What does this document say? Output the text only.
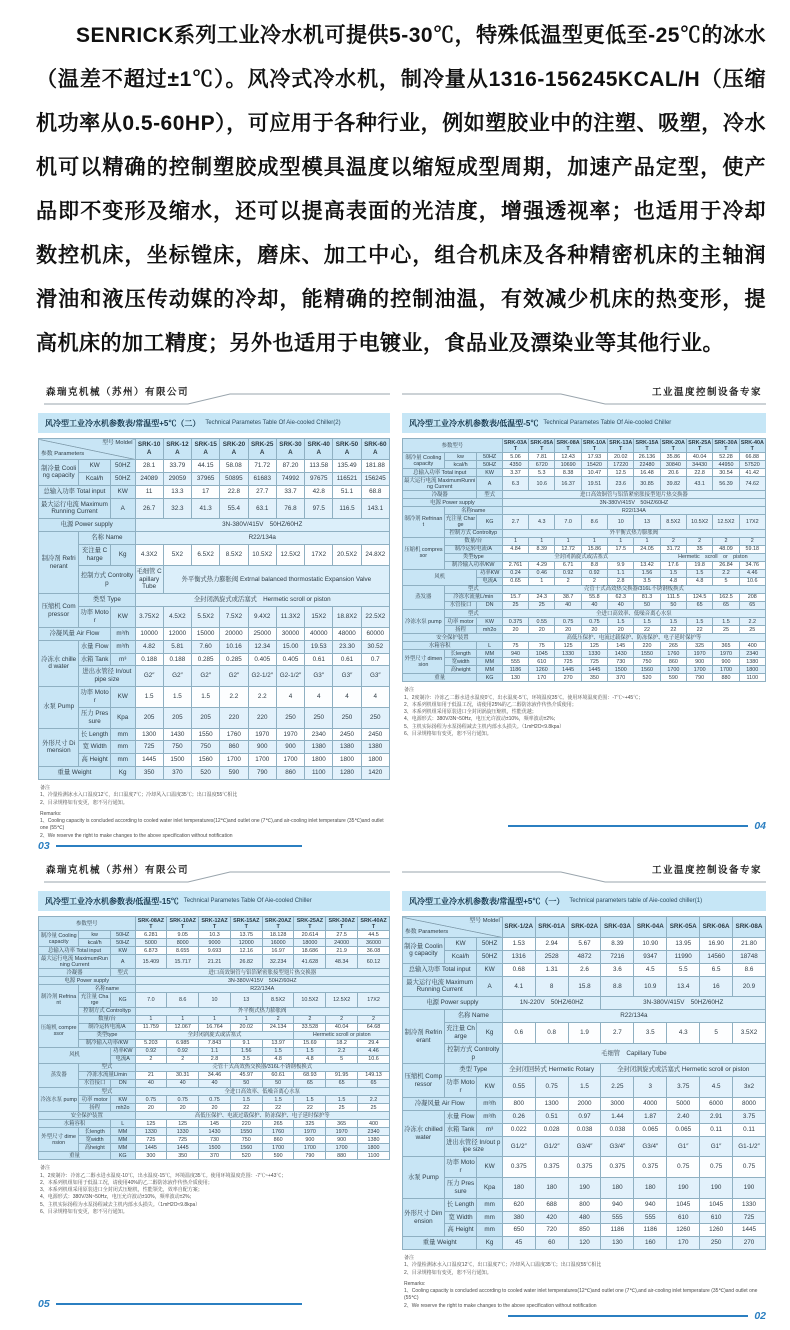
SENRICK系列工业冷水机可提供5-30℃，特殊低温型更低至-25℃的冰水（温差不超过±1℃）。风冷式冷水机，制冷量从1316-156245KCAL/H（压缩机功率从0.5-60HP），可应用于各种行业，例如塑胶业中的注塑、吸塑，冷水机可以精确的控制塑胶成型模具温度以缩短成型周期，加速产品定型，使产品即不变形及缩水，还可以提高表面的光洁度，增强透视率；也适用于冷却数控机床，坐标镗床，磨床、加工中心，组合机床及各种精密机床的主轴润滑油和液压传动媒的冷却，能精确的控制油温，有效减少机床的热变形，提高机床的加工精度；另外也适用于电镀业，食品业及漂染业等其他行业。

森瑞克机械（苏州）有限公司
风冷型工业冷水机参数表/常温型+5℃（二） Technical Parametes Table Of Aie-cooled Chiller(2)
参数 Parameters
型号 Moldel			SRK-10A	SRK-12A	SRK-15A	SRK-20A	SRK-25A	SRK-30A	SRK-40A	SRK-50A	SRK-60A
制冷量 Cooling capacity	KW	50HZ	28.1	33.79	44.15	58.08	71.72	87.20	113.58	135.49	181.88
	Kcal/h	50HZ	24089	29059	37965	50895	61683	74992	97675	116521	156245
总输入功率 Total input		KW	11	13.3	17	22.8	27.7	33.7	42.8	51.1	68.8
最大运行电流 Maximum Running Current		A	26.7	32.3	41.3	55.4	63.1	76.8	97.5	116.5	143.1
电源 Power supply			3N-380V/415V　50HZ/60HZ								
制冷剂 Refrinerant	名称 Name		R22/134a								
	充注量 Charge	Kg	4.3X2	5X2	6.5X2	8.5X2	10.5X2	12.5X2	17X2	20.5X2	24.8X2
	控制方式 Controltyp		毛细管 Capillary Tube	外平衡式热力膨胀阀 Extrnal balanced thormostatic Expansion Valve							
压缩机 Compressor	类型 Type		全封闭涡旋式或活塞式　Hermetic scroll or piston								
	功率 Motor	KW	3.75X2	4.5X2	5.5X2	7.5X2	9.4X2	11.3X2	15X2	18.8X2	22.5X2
冷凝风量 Air Flow		m³/h	10000	12000	15000	20000	25000	30000	40000	48000	60000
冷冻水 chilled water	水量 Flow	m³/h	4.82	5.81	7.60	10.16	12.34	15.00	19.53	23.30	30.52
	水箱 Tank	m³	0.188	0.188	0.285	0.285	0.405	0.405	0.61	0.61	0.7
	进出水管径 In/out pipe size		G2″	G2″	G2″	G2″	G2-1/2″	G2-1/2″	G3″	G3″	G3″
水泵 Pump	功率 Motor	KW	1.5	1.5	1.5	2.2	2.2	4	4	4	4
	压力 Pressure	Kpa	205	205	205	220	220	250	250	250	250
外形尺寸 Dimension	长 Length	mm	1300	1430	1550	1760	1970	1970	2340	2450	2450
	宽 Width	mm	725	750	750	860	900	900	1380	1380	1380
	高 Height	mm	1445	1500	1560	1700	1700	1700	1800	1800	1800
重量 Weight		Kg	350	370	520	590	790	860	1100	1280	1420
备注
1、冷量检测冰水入口温度12℃，出口温度7℃；冷却风入口温度35℃；出口温度55℃相比
2、目录规格如有变更，恕不另行通知。
Remarks:
1、Cooling capacity is concluded according to cooled water inlet temperatures(12℃)and outlet one (7℃),and air-cooling inlet temperature (35℃)and outlet one (55℃)
2、We reserve the right to make changes to the above specification without notification
03
工业温度控制设备专家
风冷型工业冷水机参数表/低温型-5℃ Technical Parametes Table Of Aie-cooled Chiller
参数型号			SRK-03AT	SRK-05AT	SRK-08AT	SRK-10AT	SRK-13AT	SRK-15AT	SRK-20AT	SRK-25AT	SRK-30AT	SRK-40AT
制冷量 Cooling capacity	kw	50HZ	5.06	7.81	12.43	17.93	20.02	26.136	35.86	40.04	52.28	66.88
	kcal/h	50HZ	4350	6720	10690	15420	17220	22480	30840	34430	44950	57520
总输入功率 Total input		KW	3.37	5.3	8.38	10.47	12.5	16.48	20.6	22.8	30.54	41.42
最大运行电流 MaximumRunning Current		A	6.3	10.6	16.37	19.51	23.6	30.85	39.82	43.1	56.39	74.62
冷凝器		型式	进口高效铜管与铝箔紧密胀接型翅片热交换器									
电源 Power supply			3N-380V/415V　50HZ/60HZ									
制冷剂 Refrinant	名称name		R22/134A									
	充注量 Charge	KG	2.7	4.3	7.0	8.6	10	13	8.5X2	10.5X2	12.5X2	17X2
	控制方式 Controltyp		外平衡式热力膨胀阀									
压缩机 compressor	数量/台		1	1	1	1	1	1	2	2	2	2
	制冷运转电流/A		4.84	8.39	12.72	15.86	17.5	24.05	31.72	35	48.09	59.18
	类型type		全封闭涡旋式或活塞式						Hermetic　scroll　or　piston			
	制冷输入功率/KW		2.761	4.29	6.71	8.8	9.9	13.42	17.6	19.8	26.84	34.76
风机		功率KW	0.24	0.46	0.92	0.92	1.1	1.56	1.5	1.5	2.2	4.46
		电流A	0.65	1	2	2	2.8	3.5	4.8	4.8	5	10.6
蒸发器	型式		壳管干式高效热交换器/316L不锈钢板换式									
	冷冻水流量L/min		15.7	24.3	38.7	55.8	62.3	81.3	111.5	124.5	162.5	208
	水管接口	DN	25	25	40	40	40	50	50	65	65	65
冷冻水泵 pump	型式		全进口高效率、低噪音离心水泵									
	功率 motor	KW	0.375	0.55	0.75	0.75	1.5	1.5	1.5	1.5	1.5	2.2
	扬程	mh2o	20	20	20	20	20	22	22	22	25	25
安全保护装置			高低压保护、电流过载保护、防冻保护、电子延时保护等									
水箱容积		L	75	75	125	125	145	220	265	325	365	400
外型尺寸 dimension	长length	MM	940	1045	1330	1330	1430	1550	1760	1970	1970	2340
	宽width	MM	555	610	725	725	730	750	860	900	900	1380
	高height	MM	1186	1260	1445	1445	1500	1560	1700	1700	1700	1800
重量		KG	130	170	270	350	370	520	590	790	880	1100
备注
1、2度制冷：冷冻乙二醇水进水温度0℃，出水温度-5℃，环境温度35℃。使用环境温度范围：-7℃~+45℃；
2、本系列机组如用于低温工况，请使用25%的乙二醇防冻液作传热介质使用；
3、本系列机组采用原装进口全封闭涡旋压缩机，性能优越；
4、电源形式：380V/3N~50Hz，电压允许波动±10%，频率波动±2%；
5、主机实际扬程为水泵扬程减去主机内部水头损失。（1mH2O≈9.8kpa）
6、目录规格如有变更，恕不另行通知。
04
森瑞克机械（苏州）有限公司
风冷型工业冷水机参数表/低温型-15℃ Technical Parametes Table Of Aie-cooled Chiller
参数型号			SRK-08AZT	SRK-10AZT	SRK-12AZT	SRK-15AZT	SRK-20AZT	SRK-25AZT	SRK-30AZT	SRK-40AZT
制冷量 Cooling capacity	kw	50HZ	6.281	9.05	10.3	13.75	18.128	20.614	27.5	44.5
	kcal/h	50HZ	5000	8000	9000	12000	16000	18000	24000	36000
总输入功率 Total input		KW	6.873	8.655	9.693	12.16	16.97	18.686	21.9	36.08
最大运行电流 MaximumRunning Current		A	15.409	15.717	21.21	26.82	32.234	41.628	48.34	60.12
冷凝器		型式	进口高效铜管与铝箔紧密胀接型翅片热交换器							
电源 Power supply			3N-380V/415V　50HZ/60HZ							
制冷剂 Refrinant	名称name		R22/134A							
	充注量 Charge	KG	7.0	8.6	10	13	8.5X2	10.5X2	12.5X2	17X2
	控制方式 Controltyp		外平衡式热力膨胀阀							
压缩机 compressor	数量/台		1	1	1	1	2	2	2	2
	制冷运转电流/A		11.759	12.067	16.764	20.02	24.134	33.528	40.04	64.68
	类型type		全封闭涡旋式或活塞式					Hermetic scroll or piston		
	制冷输入功率/KW		5.203	6.985	7.843	9.1	13.97	15.69	18.2	29.4
风机		功率KW	0.92	0.92	1.1	1.56	1.5	1.5	2.2	4.46
		电流A	2	2	2.8	3.5	4.8	4.8	5	10.6
蒸发器	型式		壳管干式高效热交换器/316L不锈钢板换式							
	冷冻水流量L/min		21	30.31	34.46	45.97	60.61	68.93	91.95	149.13
	水管接口	DN	40	40	40	50	50	65	65	65
冷冻水泵 pump	型式		全进口高效率、低噪音离心水泵							
	功率 motor	KW	0.75	0.75	0.75	1.5	1.5	1.5	1.5	2.2
	扬程	mh2o	20	20	20	22	22	22	25	25
安全保护装置			高低压保护、电流过载保护、防冻保护、电子延时保护等							
水箱容积		L	125	125	145	220	265	325	365	400
外型尺寸 dimension	长length	MM	1330	1330	1430	1550	1760	1970	1970	2340
	宽width	MM	725	725	730	750	860	900	900	1380
	高height	MM	1445	1445	1500	1560	1700	1700	1700	1800
重量		KG	300	350	370	520	590	790	880	1100
备注
1、2度制冷：冷冻乙二醇水进水温度-10℃，出水温度-15℃，环境温度35℃。使用环境温度范围：-7℃~+43℃；
2、本系列机组如用于低温工况，请使用40%的乙二醇防冻液作传热介质使用；
3、本系列机组采用原装进口全封闭式压缩机，性能领先，效率自配方案；
4、电源形式：380V/3N~50Hz，电压允许波动±10%，频率波动±2%；
5、主机实际扬程为水泵扬程减去主机内部水头损失。（1mH2O≈9.8kpa）
6、目录规格如有变更，恕不另行通知。
05
工业温度控制设备专家
风冷型工业冷水机参数表/常温型+5℃（一） Technical parameters table of Aie-cooled chiller(1)
参数 Parameters
型号 Moldel			SRK-1/2A	SRK-01A	SRK-02A	SRK-03A	SRK-04A	SRK-05A	SRK-06A	SRK-08A
制冷量 Cooling capacity	KW	50HZ	1.53	2.94	5.67	8.39	10.90	13.95	16.90	21.80
	Kcal/h	50HZ	1316	2528	4872	7216	9347	11990	14560	18748
总输入功率 Total input		KW	0.68	1.31	2.6	3.6	4.5	5.5	6.5	8.6
最大运行电流 Maximum Running Current		A	4.1	8	15.8	8.8	10.9	13.4	16	20.9
电源 Power supply			1N-220V　50HZ/60HZ			3N-380V/415V　50HZ/60HZ				
制冷剂 Refrinerant	名称 Name		R22/134a							
	充注量 Charge	Kg	0.6	0.8	1.9	2.7	3.5	4.3	5	3.5X2
	控制方式 Controltyp		毛细管　Capillary Tube							
压缩机 Compressor	类型 Type		全封闭回转式 Hermetic Rotary			全封闭涡旋式或活塞式 Hermetic scroll or piston				
	功率 Motor	KW	0.55	0.75	1.5	2.25	3	3.75	4.5	3x2
冷凝风量 Air Flow		m³/h	800	1300	2000	3000	4000	5000	6000	8000
冷冻水 chilled water	水量 Flow	m³/h	0.26	0.51	0.97	1.44	1.87	2.40	2.91	3.75
	水箱 Tank	m³	0.022	0.028	0.038	0.038	0.065	0.065	0.11	0.11
	进出水管径 In/out pipe size		G1/2″	G1/2″	G3/4″	G3/4″	G3/4″	G1″	G1″	G1-1/2″
水泵 Pump	功率 Motor	KW	0.375	0.375	0.375	0.375	0.375	0.75	0.75	0.75
	压力 Pressure	Kpa	180	180	190	180	180	190	190	190
外形尺寸 Dimension	长 Length	mm	620	688	800	940	940	1045	1045	1330
	宽 Width	mm	380	420	480	555	555	610	610	725
	高 Height	mm	650	720	850	1186	1186	1260	1260	1445
重量 Weight		Kg	45	60	120	130	160	170	250	270
备注
1、冷量检测冰水入口温度12℃，出口温度7℃；冷却风入口温度35℃；出口温度55℃相比
2、目录规格如有变更，恕不另行通知。
Remarks:
1、Cooling capacity is concluded according to cooled water inlet temperatures(12℃)and outlet one (7℃),and air-cooling inlet temperature (35℃)and outlet one (55℃)
2、We reserve the right to make changes to the above specification without notification
02
